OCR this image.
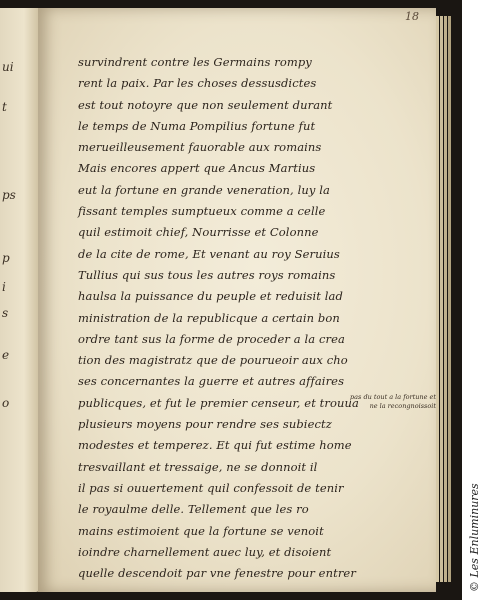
ui
t
ps
p
i
s
e
o
18
survindrent contre les Germains rompy
rent la paix. Par les choses dessusdictes
est tout notoyre que non seulement durant
le temps de Numa Pompilius fortune fut
merueilleusement fauorable aux romains
Mais encores appert que Ancus Martius
eut la fortune en grande veneration, luy la
fissant temples sumptueux comme a celle
quil estimoit chief, Nourrisse et Colonne
de la cite de rome, Et venant au roy Seruius
Tullius qui sus tous les autres roys romains
haulsa la puissance du peuple et reduisit lad
ministration de la republicque a certain bon
ordre tant sus la forme de proceder a la crea
tion des magistratz que de pourueoir aux cho
ses concernantes la guerre et autres affaires
publicques, et fut le premier censeur, et trouua
plusieurs moyens pour rendre ses subiectz
modestes et temperez. Et qui fut estime home
tresvaillant et tressaige, ne se donnoit il
il pas si ouuertement quil confessoit de tenir
le royaulme delle. Tellement que les ro
mains estimoient que la fortune se venoit
ioindre charnellement auec luy, et disoient
quelle descendoit par vne fenestre pour entrer
pas du tout a la fortune et ne la recongnoissoit
© Les Enluminures
